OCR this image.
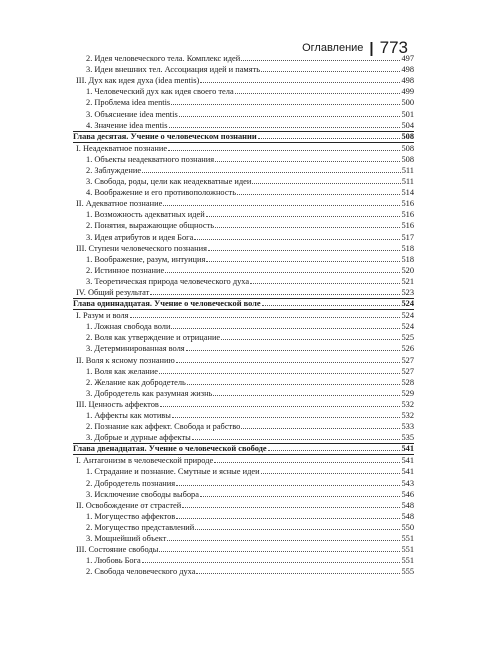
Оглавление | 773
2. Идея человеческого тела. Комплекс идей	497
3. Идеи внешних тел. Ассоциация идей и память	498
III. Дух как идея духа (idea mentis)	498
1. Человеческий дух как идея своего тела	499
2. Проблема idea mentis	500
3. Объяснение idea mentis	501
4. Значение idea mentis	504
Глава десятая. Учение о человеческом познании	508
I. Неадекватное познание	508
1. Объекты неадекватного познания	508
2. Заблуждение	511
3. Свобода, роды, цели как неадекватные идеи	511
4. Воображение и его противоположность	514
II. Адекватное познание	516
1. Возможность адекватных идей	516
2. Понятия, выражающие общность	516
3. Идея атрибутов и идея Бога	517
III. Ступени человеческого познания	518
1. Воображение, разум, интуиция	518
2. Истинное познание	520
3. Теоретическая природа человеческого духа	521
IV. Общий результат	523
Глава одиннадцатая. Учение о человеческой воле	524
I. Разум и воля	524
1. Ложная свобода воли	524
2. Воля как утверждение и отрицание	525
3. Детерминированная воля	526
II. Воля к ясному познанию	527
1. Воля как желание	527
2. Желание как добродетель	528
3. Добродетель как разумная жизнь	529
III. Ценность аффектов	532
1. Аффекты как мотивы	532
2. Познание как аффект. Свобода и рабство	533
3. Добрые и дурные аффекты	535
Глава двенадцатая. Учение о человеческой свободе	541
I. Антагонизм в человеческой природе	541
1. Страдание и познание. Смутные и ясные идеи	541
2. Добродетель познания	543
3. Исключение свободы выбора	546
II. Освобождение от страстей	548
1. Могущество аффектов	548
2. Могущество представлений	550
3. Мощнейший объект	551
III. Состояние свободы	551
1. Любовь Бога	551
2. Свобода человеческого духа	555
